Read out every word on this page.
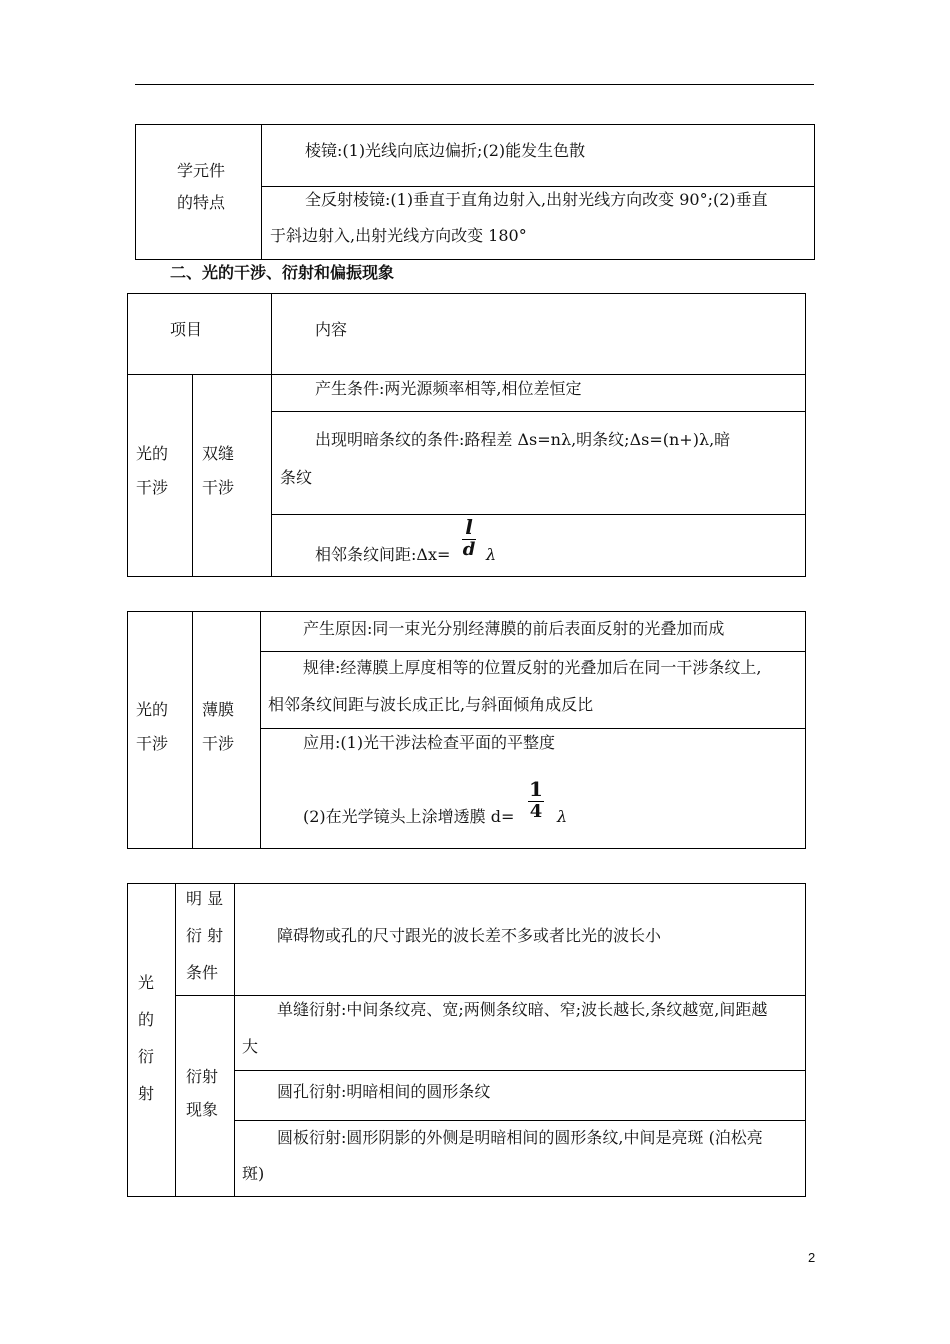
学元件
的特点
棱镜:(1)光线向底边偏折;(2)能发生色散
全反射棱镜:(1)垂直于直角边射入,出射光线方向改变 90°;(2)垂直
于斜边射入,出射光线方向改变 180°
二、光的干涉、衍射和偏振现象
项目	内容
光的
干涉
双缝
干涉
产生条件:两光源频率相等,相位差恒定
出现明暗条纹的条件:路程差 Δs=nλ,明条纹;Δs=(n+)λ,暗
条纹
相邻条纹间距:Δx=
l
d λ
光的
干涉
薄膜
干涉
产生原因:同一束光分别经薄膜的前后表面反射的光叠加而成
规律:经薄膜上厚度相等的位置反射的光叠加后在同一干涉条纹上,
相邻条纹间距与波长成正比,与斜面倾角成反比
应用:(1)光干涉法检查平面的平整度
(2)在光学镜头上涂增透膜 d=
1
4 λ
光
的
衍
射
明 显
衍 射
条件
障碍物或孔的尺寸跟光的波长差不多或者比光的波长小
衍射
现象
单缝衍射:中间条纹亮、宽;两侧条纹暗、窄;波长越长,条纹越宽,间距越
大
圆孔衍射:明暗相间的圆形条纹
圆板衍射:圆形阴影的外侧是明暗相间的圆形条纹,中间是亮斑 (泊松亮
斑)
2
